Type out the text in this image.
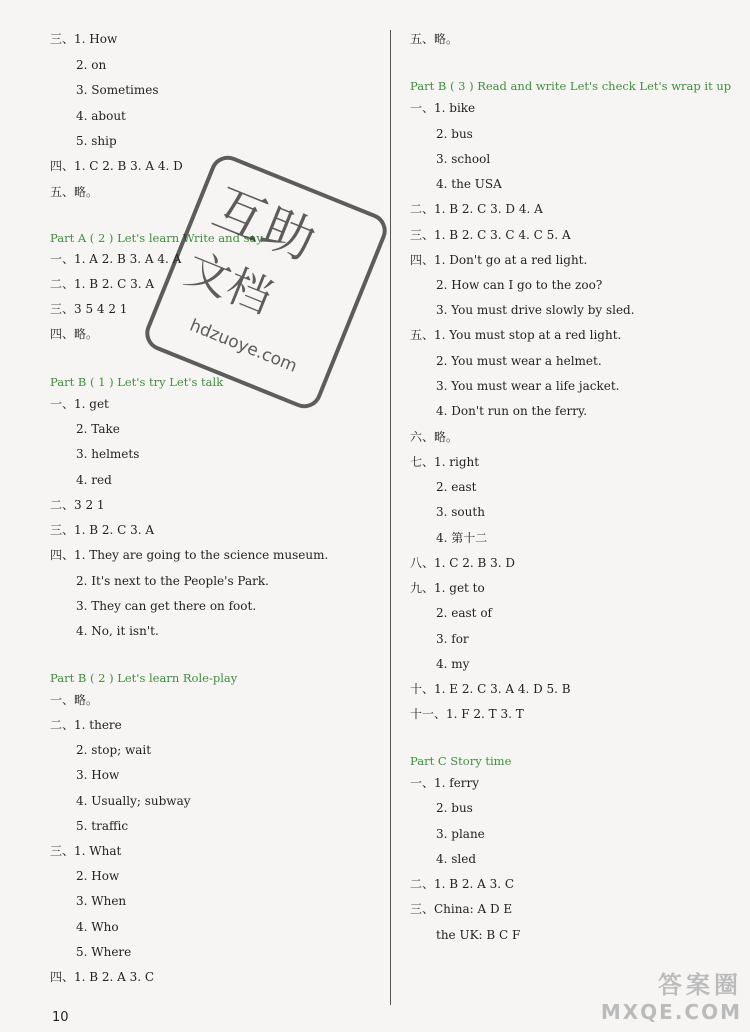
三、1. How
2. on
3. Sometimes
4. about
5. ship
四、1. C 2. B 3. A 4. D
五、略。
Part A ( 2 ) Let's learn Write and say
一、1. A 2. B 3. A 4. A
二、1. B 2. C 3. A
三、3 5 4 2 1
四、略。
Part B ( 1 ) Let's try Let's talk
一、1. get
2. Take
3. helmets
4. red
二、3 2 1
三、1. B 2. C 3. A
四、1. They are going to the science museum.
2. It's next to the People's Park.
3. They can get there on foot.
4. No, it isn't.
Part B ( 2 ) Let's learn Role-play
一、略。
二、1. there
2. stop; wait
3. How
4. Usually; subway
5. traffic
三、1. What
2. How
3. When
4. Who
5. Where
四、1. B 2. A 3. C
五、略。
Part B ( 3 ) Read and write Let's check Let's wrap it up
一、1. bike
2. bus
3. school
4. the USA
二、1. B 2. C 3. D 4. A
三、1. B 2. C 3. C 4. C 5. A
四、1. Don't go at a red light.
2. How can I go to the zoo?
3. You must drive slowly by sled.
五、1. You must stop at a red light.
2. You must wear a helmet.
3. You must wear a life jacket.
4. Don't run on the ferry.
六、略。
七、1. right
2. east
3. south
4. 第十二
八、1. C 2. B 3. D
九、1. get to
2. east of
3. for
4. my
十、1. E 2. C 3. A 4. D 5. B
十一、1. F 2. T 3. T
Part C Story time
一、1. ferry
2. bus
3. plane
4. sled
二、1. B 2. A 3. C
三、China: A D E
the UK: B C F
10
互助
文档
hdzuoye.com
答案圈
MXQE.COM
